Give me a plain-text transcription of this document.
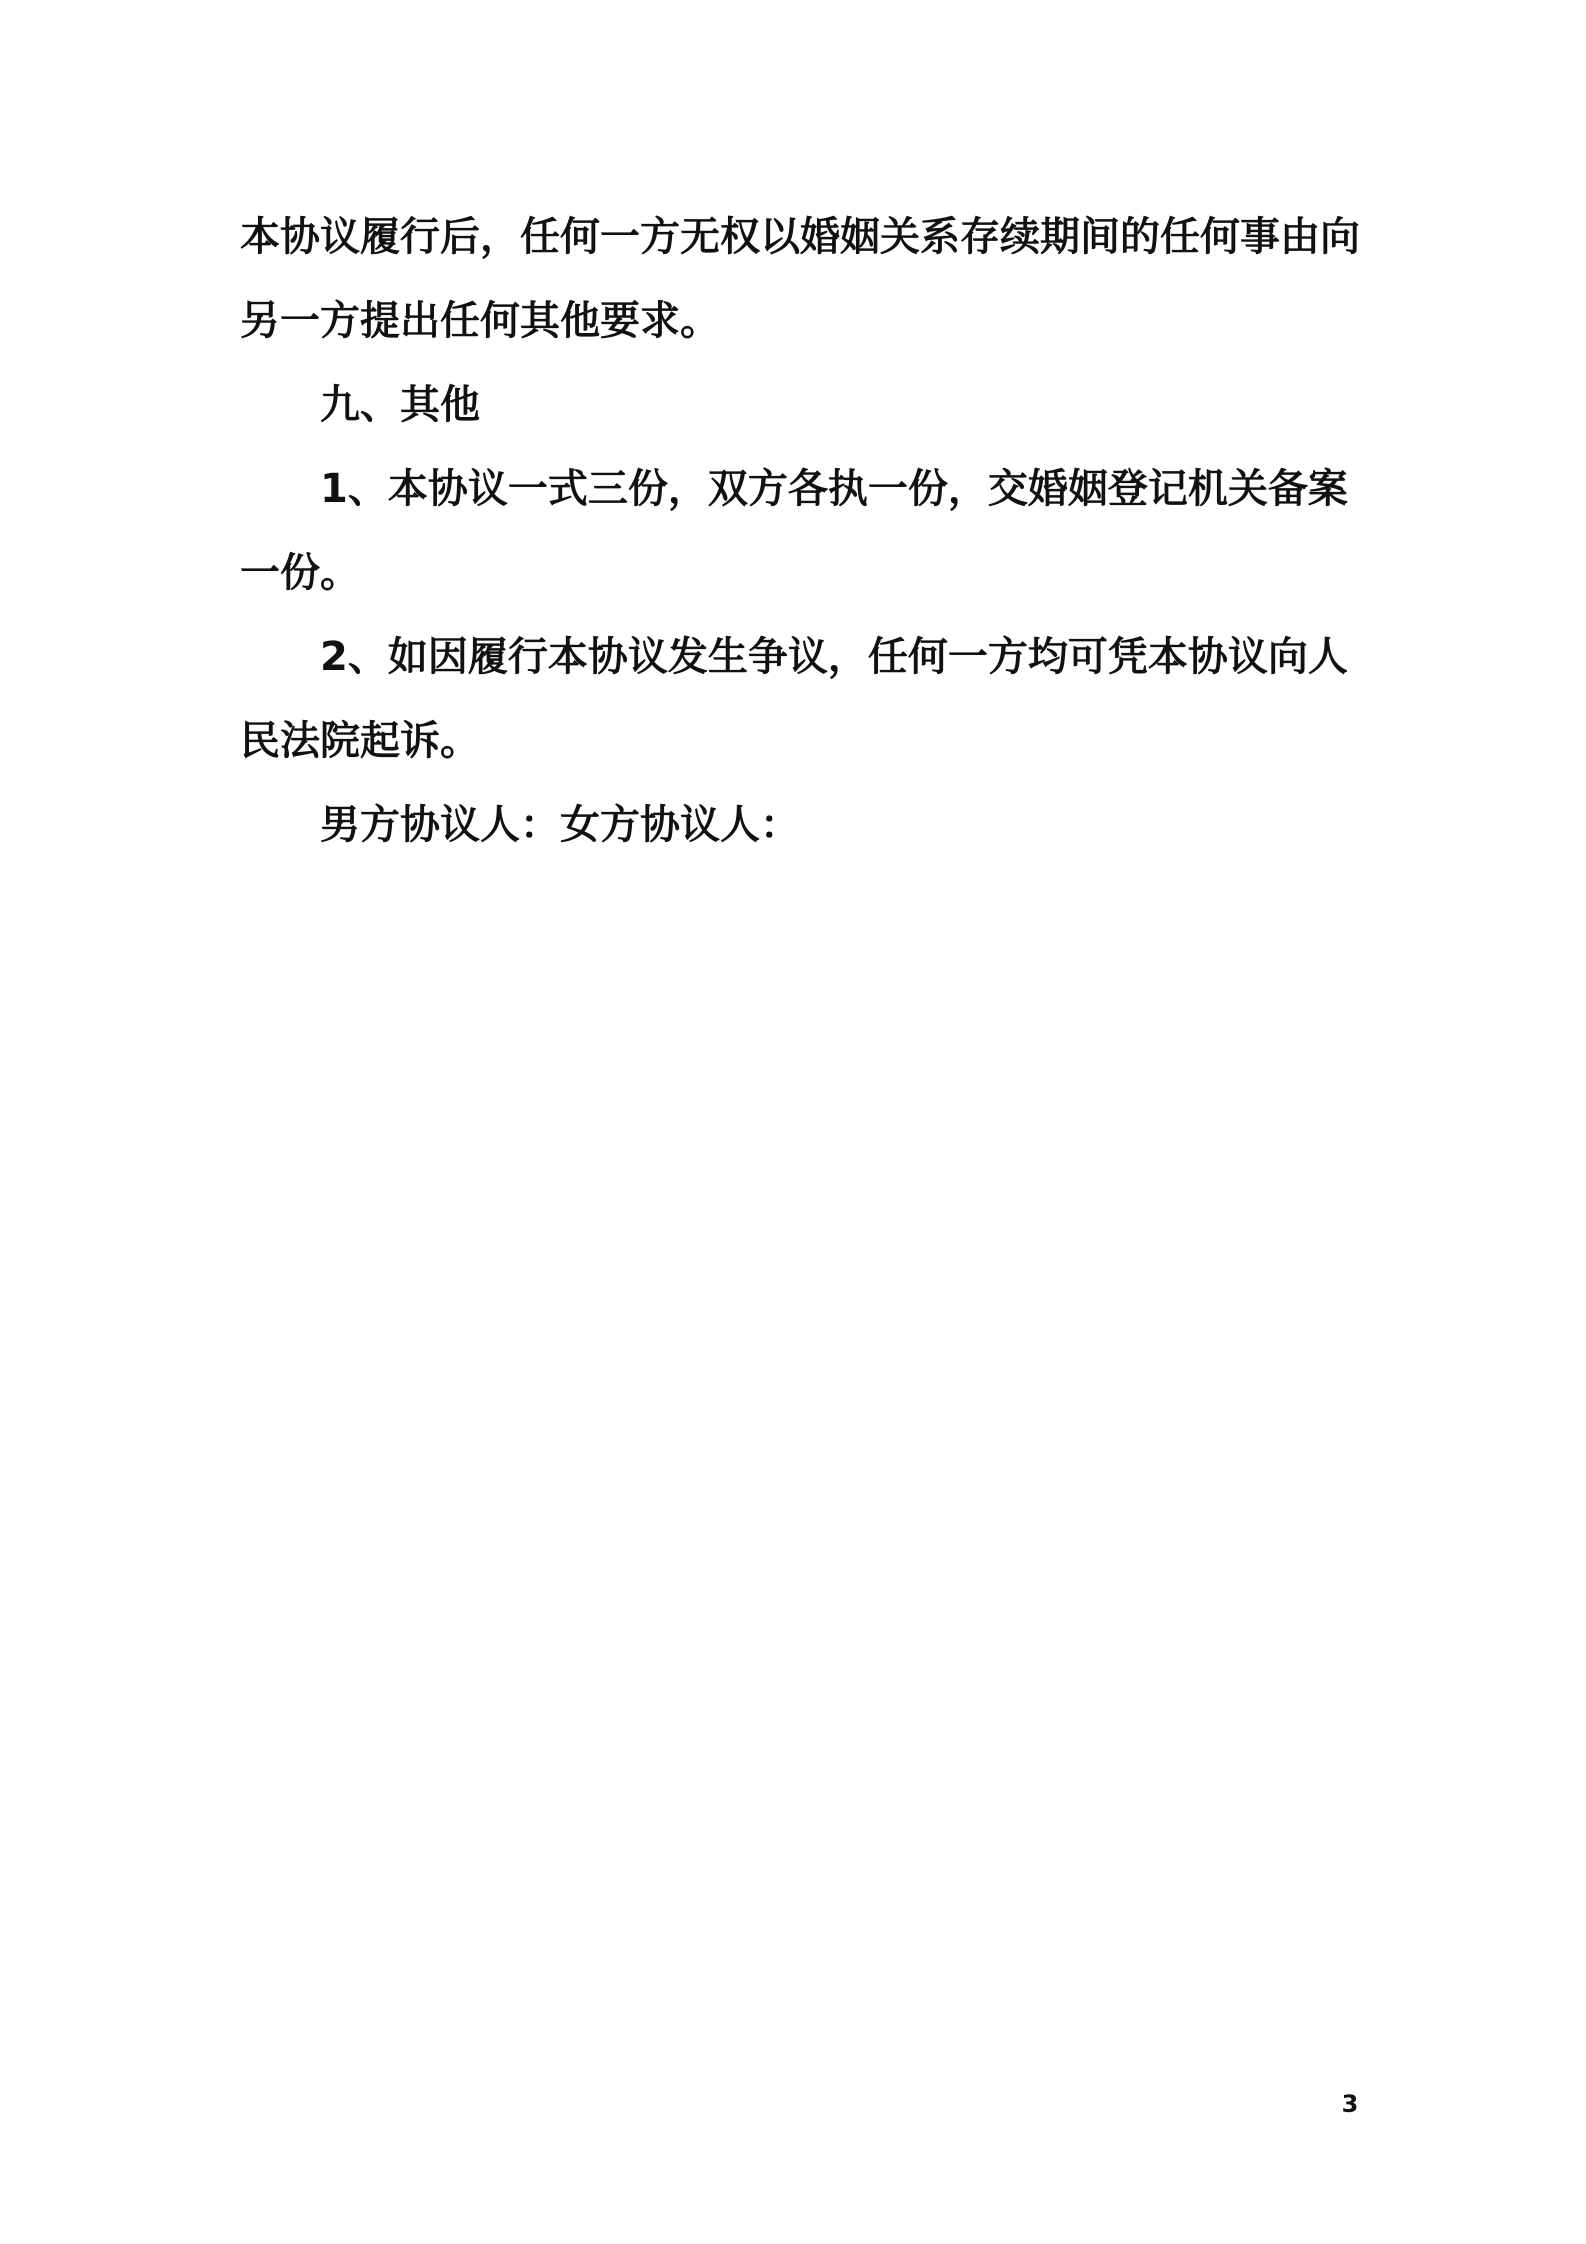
本协议履行后，任何一方无权以婚姻关系存续期间的任何事由向另一方提出任何其他要求。

九、其他

1、本协议一式三份，双方各执一份，交婚姻登记机关备案一份。

2、如因履行本协议发生争议，任何一方均可凭本协议向人民法院起诉。

男方协议人：女方协议人：

3
